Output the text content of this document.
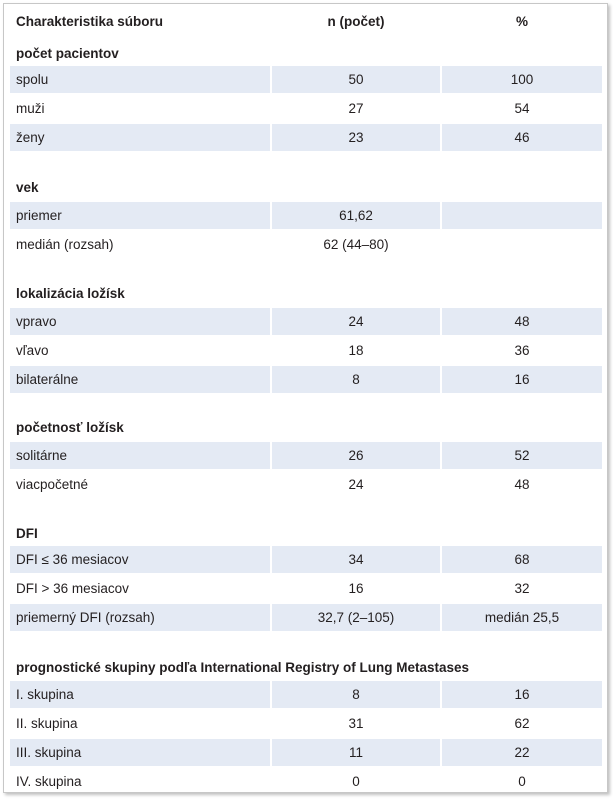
Charakteristika súboru	n (počet)	%
počet pacientov
spolu	50	100
muži	27	54
ženy	23	46
vek
priemer	61,62
medián (rozsah)	62 (44–80)
lokalizácia ložísk
vpravo	24	48
vľavo	18	36
bilaterálne	8	16
početnosť ložísk
solitárne	26	52
viacpočetné	24	48
DFI
DFI ≤ 36 mesiacov	34	68
DFI > 36 mesiacov	16	32
priemerný DFI (rozsah)	32,7 (2–105)	medián 25,5
prognostické skupiny podľa International Registry of Lung Metastases
I. skupina	8	16
II. skupina	31	62
III. skupina	11	22
IV. skupina	0	0
